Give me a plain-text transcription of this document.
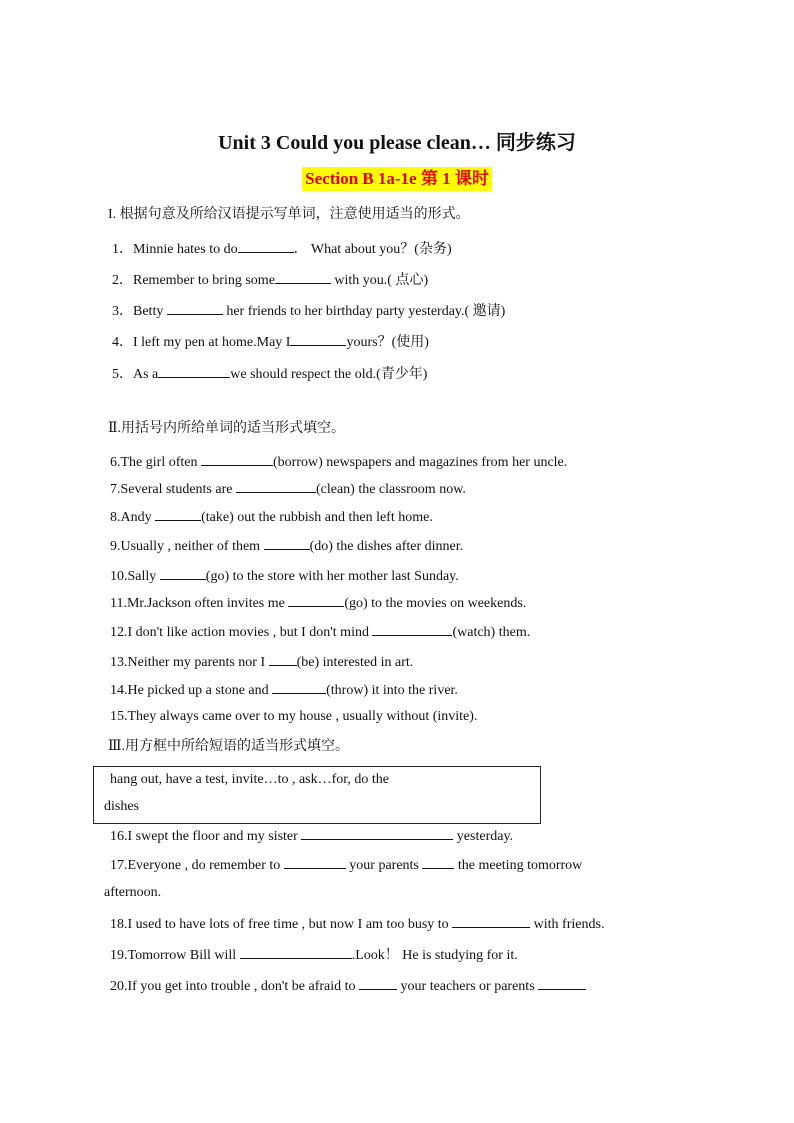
Unit 3 Could you please clean… 同步练习
Section B 1a-1e 第 1 课时
I. 根据句意及所给汉语提示写单词，注意使用适当的形式。
1．Minnie hates to do	． What about you？(杂务)
2．Remember to bring some	with you.( 点心)
3．Betty	her friends to her birthday party yesterday.( 邀请)
4．I left my pen at home.May I	yours？(使用)
5．As a	we should respect the old.(青少年)
Ⅱ.用括号内所给单词的适当形式填空。
6.The girl often	(borrow) newspapers and magazines from her uncle.
7.Several students are	(clean) the classroom now.
8.Andy	(take) out the rubbish and then left home.
9.Usually , neither of them	(do) the dishes after dinner.
10.Sally	(go) to the store with her mother last Sunday.
11.Mr.Jackson often invites me	(go) to the movies on weekends.
12.I don't like action movies , but I don't mind	(watch) them.
13.Neither my parents nor I (be) interested in art.
14.He picked up a stone and	(throw) it into the river.
15.They always came over to my house , usually without (invite).
Ⅲ.用方框中所给短语的适当形式填空。
hang out, have a test, invite…to , ask…for, do the
dishes
16.I swept the floor and my sister	yesterday.
17.Everyone , do remember to	your parents  the meeting tomorrow
afternoon.
18.I used to have lots of free time , but now I am too busy to	with friends.
19.Tomorrow Bill will	.Look！ He is studying for it.
20.If you get into trouble , don't be afraid to	your teachers or parents
